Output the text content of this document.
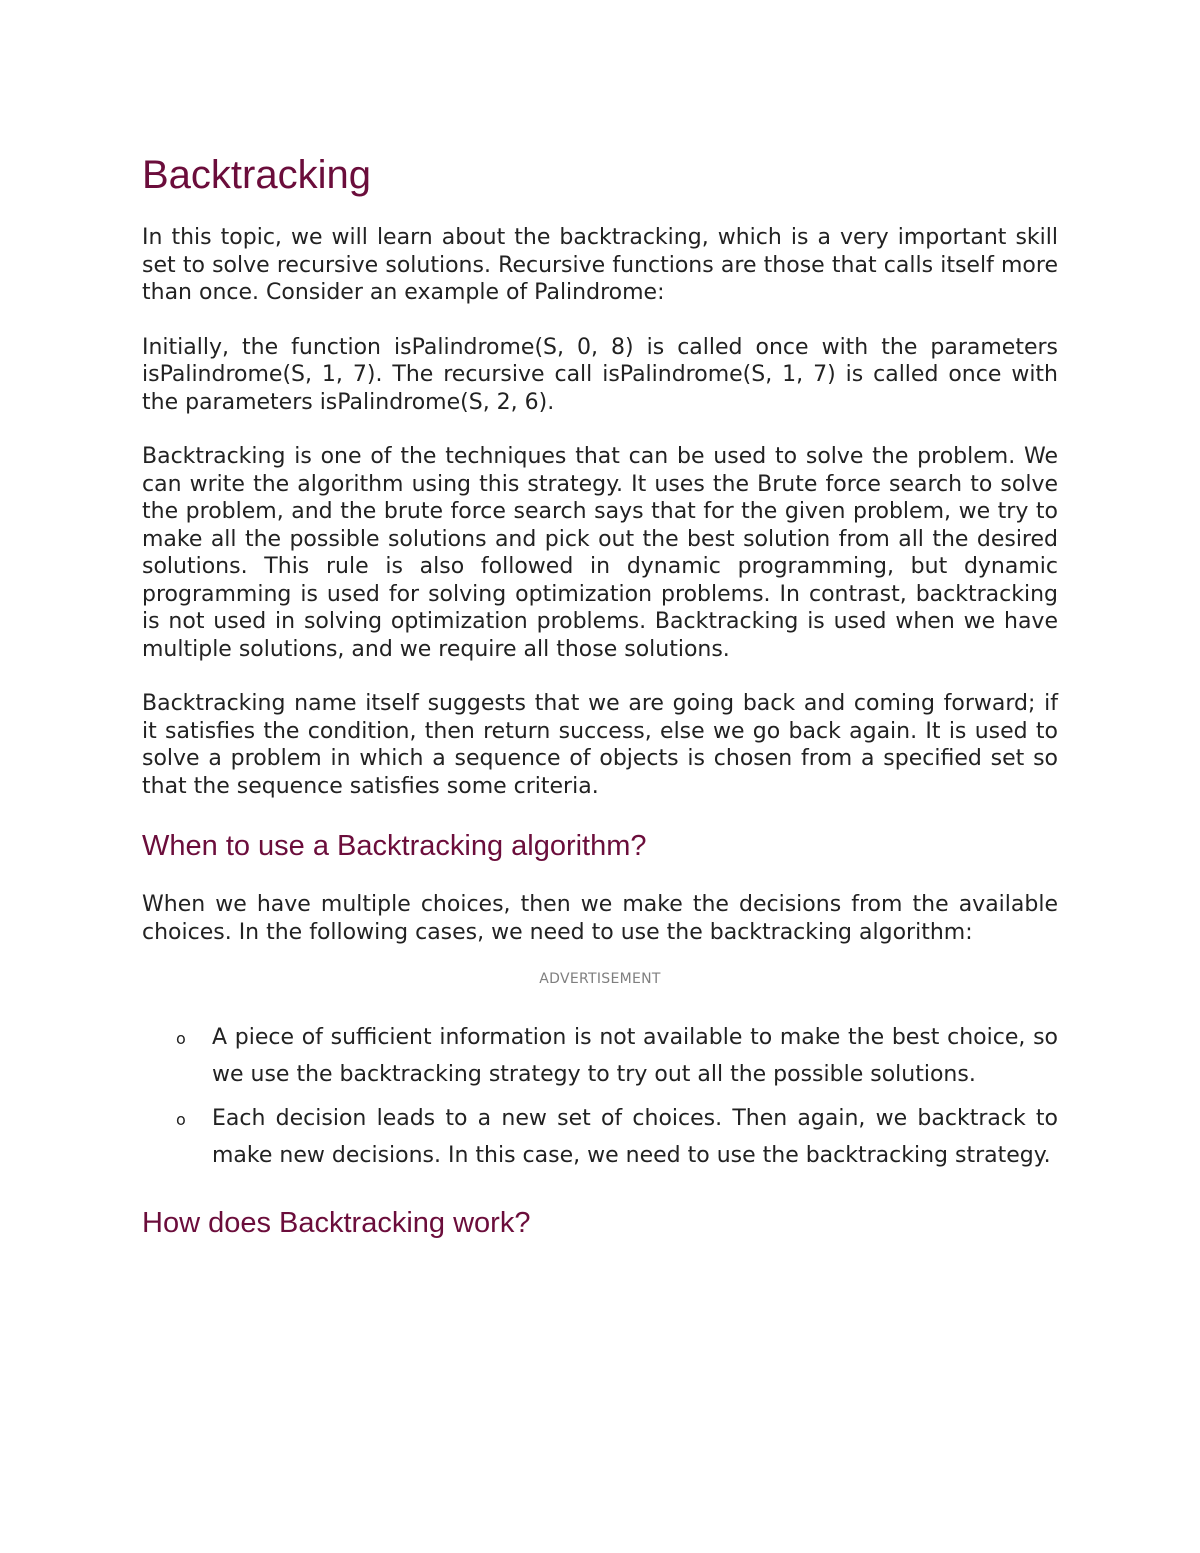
Backtracking

In this topic, we will learn about the backtracking, which is a very important skill set to solve recursive solutions. Recursive functions are those that calls itself more than once. Consider an example of Palindrome:

Initially, the function isPalindrome(S, 0, 8) is called once with the parameters isPalindrome(S, 1, 7). The recursive call isPalindrome(S, 1, 7) is called once with the parameters isPalindrome(S, 2, 6).

Backtracking is one of the techniques that can be used to solve the problem. We can write the algorithm using this strategy. It uses the Brute force search to solve the problem, and the brute force search says that for the given problem, we try to make all the possible solutions and pick out the best solution from all the desired solutions. This rule is also followed in dynamic programming, but dynamic programming is used for solving optimization problems. In contrast, backtracking is not used in solving optimization problems. Backtracking is used when we have multiple solutions, and we require all those solutions.

Backtracking name itself suggests that we are going back and coming forward; if it satisfies the condition, then return success, else we go back again. It is used to solve a problem in which a sequence of objects is chosen from a specified set so that the sequence satisfies some criteria.

When to use a Backtracking algorithm?

When we have multiple choices, then we make the decisions from the available choices. In the following cases, we need to use the backtracking algorithm:

ADVERTISEMENT
o A piece of sufficient information is not available to make the best choice, so we use the backtracking strategy to try out all the possible solutions.
o Each decision leads to a new set of choices. Then again, we backtrack to make new decisions. In this case, we need to use the backtracking strategy.
How does Backtracking work?
